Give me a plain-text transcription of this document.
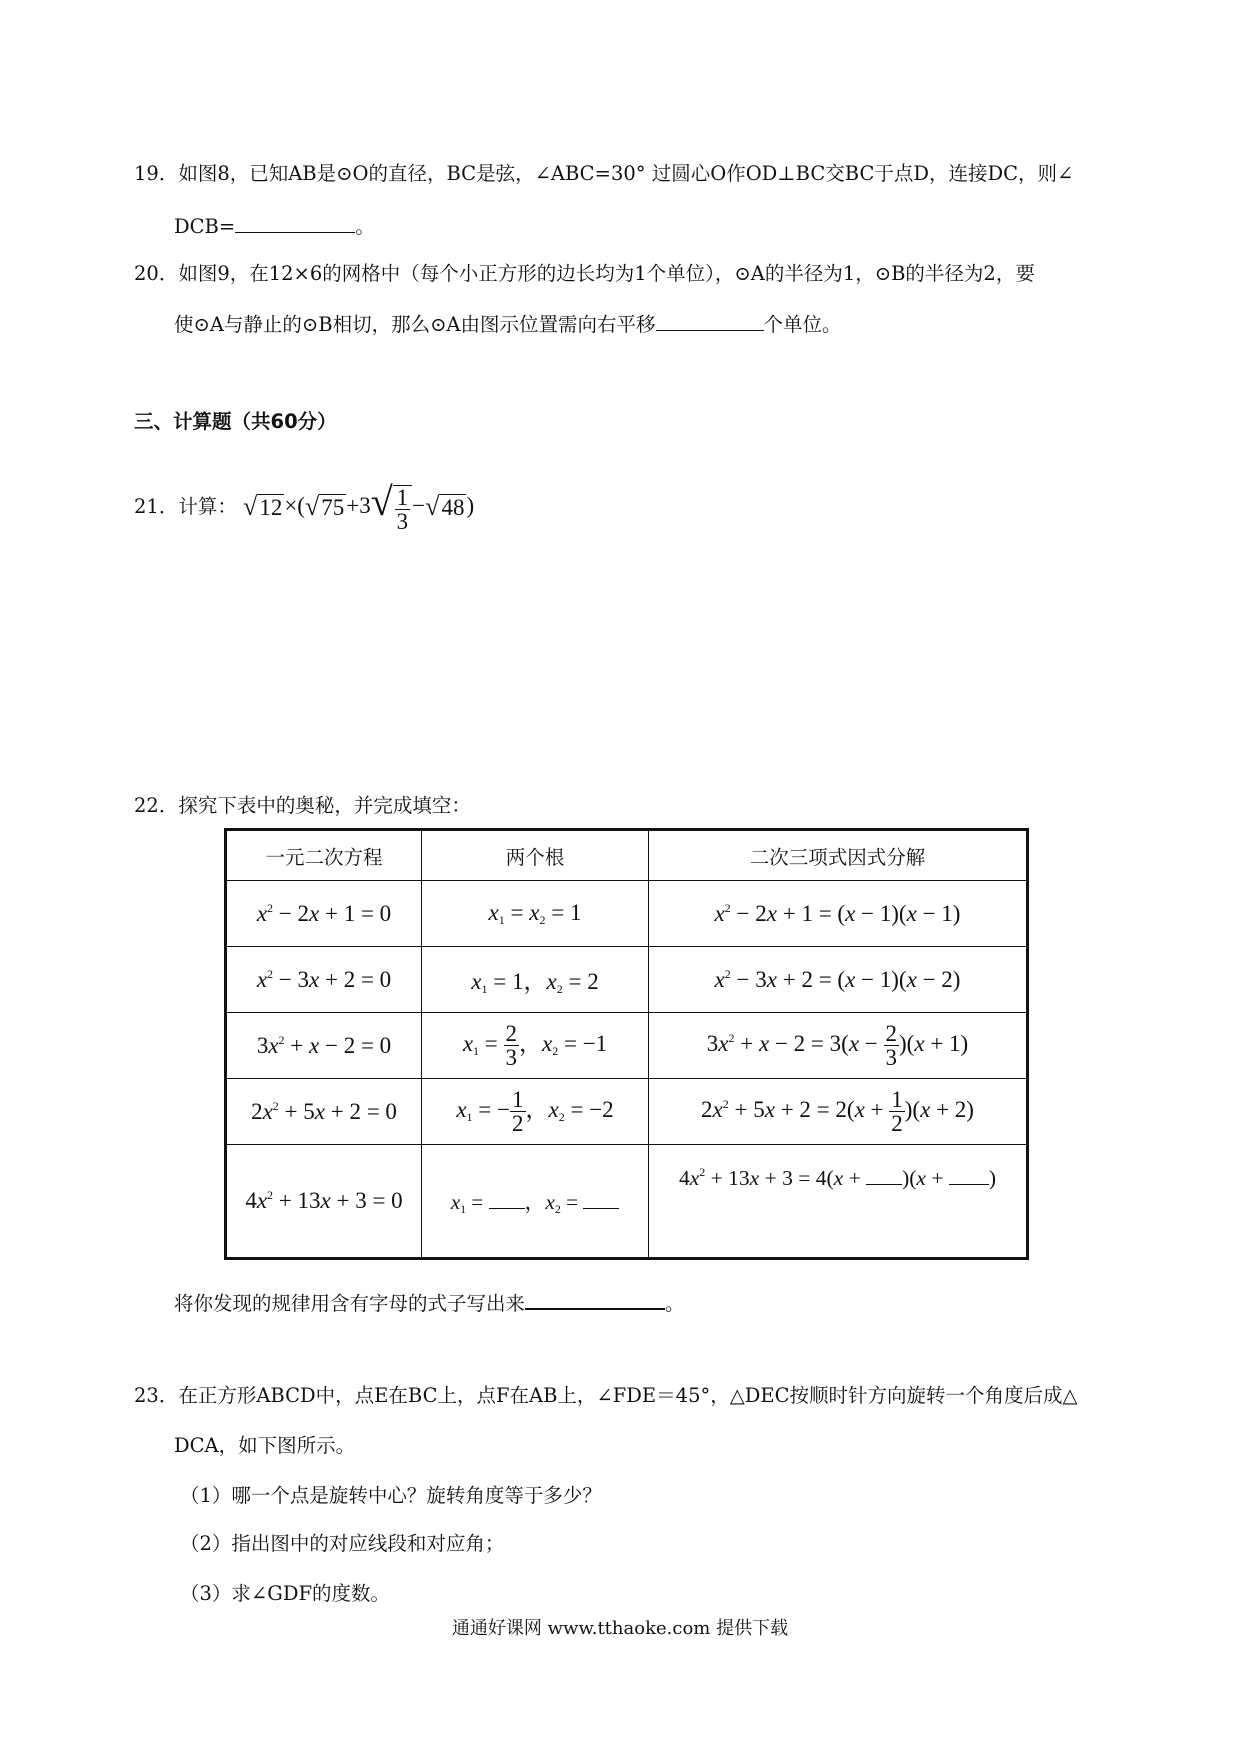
19．如图8，已知AB是⊙O的直径，BC是弦，∠ABC=30° 过圆心O作OD⊥BC交BC于点D，连接DC，则∠
DCB=	。
20．如图9，在12×6的网格中（每个小正方形的边长均为1个单位），⊙A的半径为1，⊙B的半径为2，要
使⊙A与静止的⊙B相切，那么⊙A由图示位置需向右平移	个单位。
三、计算题（共60分）
21．计算： $√12\times(√75+3√ \frac{1}{3} -√48)$
22．探究下表中的奥秘，并完成填空：
一元二次方程	两个根	二次三项式因式分解
$x^2 - 2x + 1 = 0$	$x_1 = x_2 = 1$	$x^2 - 2x + 1 = (x - 1)(x - 1)$
$x^2 - 3x + 2 = 0$	$x_1 = 1$，$x_2 = 2$	$x^2 - 3x + 2 = (x - 1)(x - 2)$
$3x^2 + x - 2 = 0$	$x_1 = \frac{2}{3}$ ，$x_2 = -1$	$3x^2 + x - 2 = 3(x - \frac{2}{3} )(x + 1)$
$2x^2 + 5x + 2 = 0$	$x_1$ = − $\frac{1}{2}$ ，$x_2 = -2$	$2x^2 + 5x + 2 = 2(x + \frac{1}{2} )(x + 2)$
$4x^2 + 13x + 3 = 0$	$x_1$ = ，$x_2$ =	$4x^2 + 13x + 3 = 4(x + )(x$ + )
将你发现的规律用含有字母的式子写出来	。
23．在正方形ABCD中，点E在BC上，点F在AB上，∠FDE＝45°，△DEC按顺时针方向旋转一个角度后成△
DCA，如下图所示。
（1）哪一个点是旋转中心？旋转角度等于多少？
（2）指出图中的对应线段和对应角；
（3）求∠GDF的度数。
通通好课网 www.tthaoke.com 提供下载
